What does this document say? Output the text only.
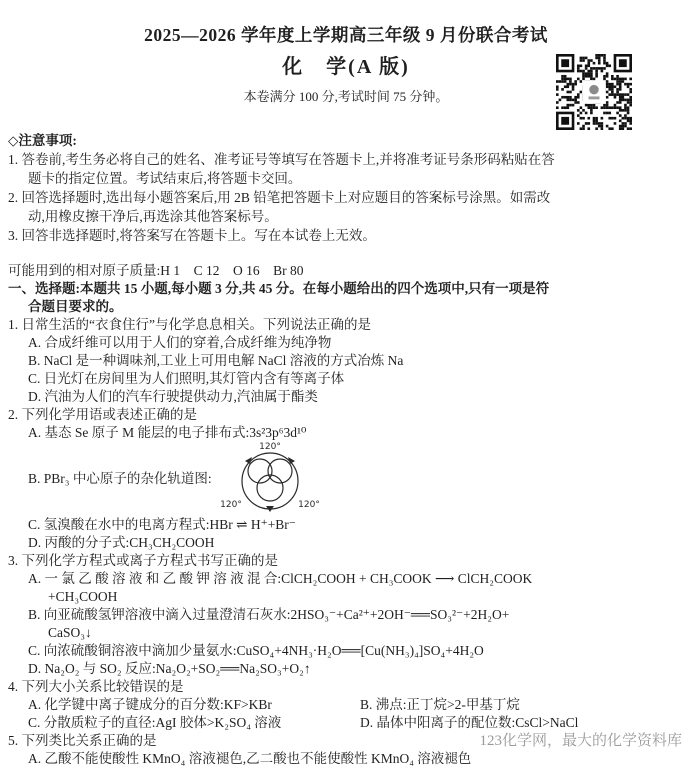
2025—2026 学年度上学期高三年级 9 月份联合考试
化　学(A 版)
本卷满分 100 分,考试时间 75 分钟。
◇注意事项:
1. 答卷前,考生务必将自己的姓名、准考证号等填写在答题卡上,并将准考证号条形码粘贴在答
题卡的指定位置。考试结束后,将答题卡交回。
2. 回答选择题时,选出每小题答案后,用 2B 铅笔把答题卡上对应题目的答案标号涂黑。如需改
动,用橡皮擦干净后,再选涂其他答案标号。
3. 回答非选择题时,将答案写在答题卡上。写在本试卷上无效。
可能用到的相对原子质量:H 1　C 12　O 16　Br 80
一、选择题:本题共 15 小题,每小题 3 分,共 45 分。在每小题给出的四个选项中,只有一项是符
合题目要求的。
1. 日常生活的“衣食住行”与化学息息相关。下列说法正确的是
A. 合成纤维可以用于人们的穿着,合成纤维为纯净物
B. NaCl 是一种调味剂,工业上可用电解 NaCl 溶液的方式冶炼 Na
C. 日光灯在房间里为人们照明,其灯管内含有等离子体
D. 汽油为人们的汽车行驶提供动力,汽油属于酯类
2. 下列化学用语或表述正确的是
A. 基态 Se 原子 M 能层的电子排布式:3s²3p⁶3d¹⁰
B. PBr₃ 中心原子的杂化轨道图:
120°
120°	120°
C. 氢溴酸在水中的电离方程式:HBr ⇌ H⁺+Br⁻
D. 丙酸的分子式:CH₃CH₂COOH
3. 下列化学方程式或离子方程式书写正确的是
A. 一 氯 乙 酸 溶 液 和 乙 酸 钾 溶 液 混 合:ClCH₂COOH + CH₃COOK ⟶ ClCH₂COOK
+CH₃COOH
B. 向亚硫酸氢钾溶液中滴入过量澄清石灰水:2HSO₃⁻+Ca²⁺+2OH⁻══SO₃²⁻+2H₂O+
CaSO₃↓
C. 向浓硫酸铜溶液中滴加少量氨水:CuSO₄+4NH₃·H₂O══[Cu(NH₃)₄]SO₄+4H₂O
D. Na₂O₂ 与 SO₂ 反应:Na₂O₂+SO₂══Na₂SO₃+O₂↑
4. 下列大小关系比较错误的是
A. 化学键中离子键成分的百分数:KF>KBr	B. 沸点:正丁烷>2-甲基丁烷
C. 分散质粒子的直径:AgI 胶体>K₂SO₄ 溶液	D. 晶体中阳离子的配位数:CsCl>NaCl
5. 下列类比关系正确的是	123化学网，最大的化学资料库
A. 乙酸不能使酸性 KMnO₄ 溶液褪色,乙二酸也不能使酸性 KMnO₄ 溶液褪色
